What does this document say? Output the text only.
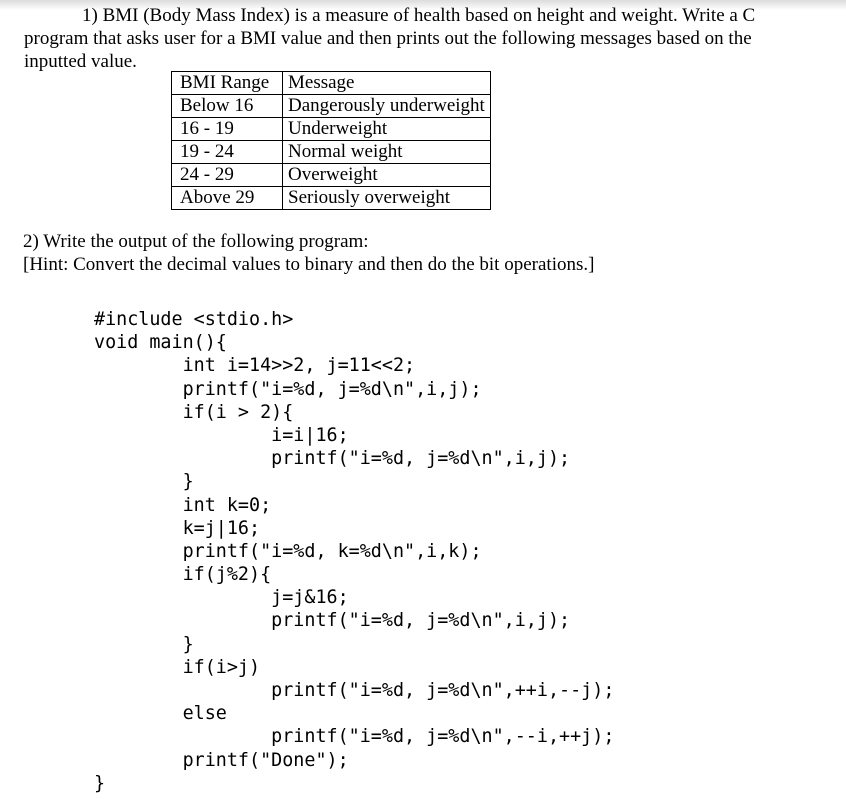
1) BMI (Body Mass Index) is a measure of health based on height and weight. Write a C program that asks user for a BMI value and then prints out the following messages based on the inputted value.

BMI Range	Message
Below 16	Dangerously underweight
16 - 19	Underweight
19 - 24	Normal weight
24 - 29	Overweight
Above 29	Seriously overweight
2) Write the output of the following program:
[Hint: Convert the decimal values to binary and then do the bit operations.]
#include <stdio.h>
void main(){
int i=14>>2, j=11<<2;
printf("i=%d, j=%d\n",i,j);
if(i > 2){
i=i|16;
printf("i=%d, j=%d\n",i,j);
}
int k=0;
k=j|16;
printf("i=%d, k=%d\n",i,k);
if(j%2){
j=j&16;
printf("i=%d, j=%d\n",i,j);
}
if(i>j)
printf("i=%d, j=%d\n",++i,--j);
else
printf("i=%d, j=%d\n",--i,++j);
printf("Done");
}
